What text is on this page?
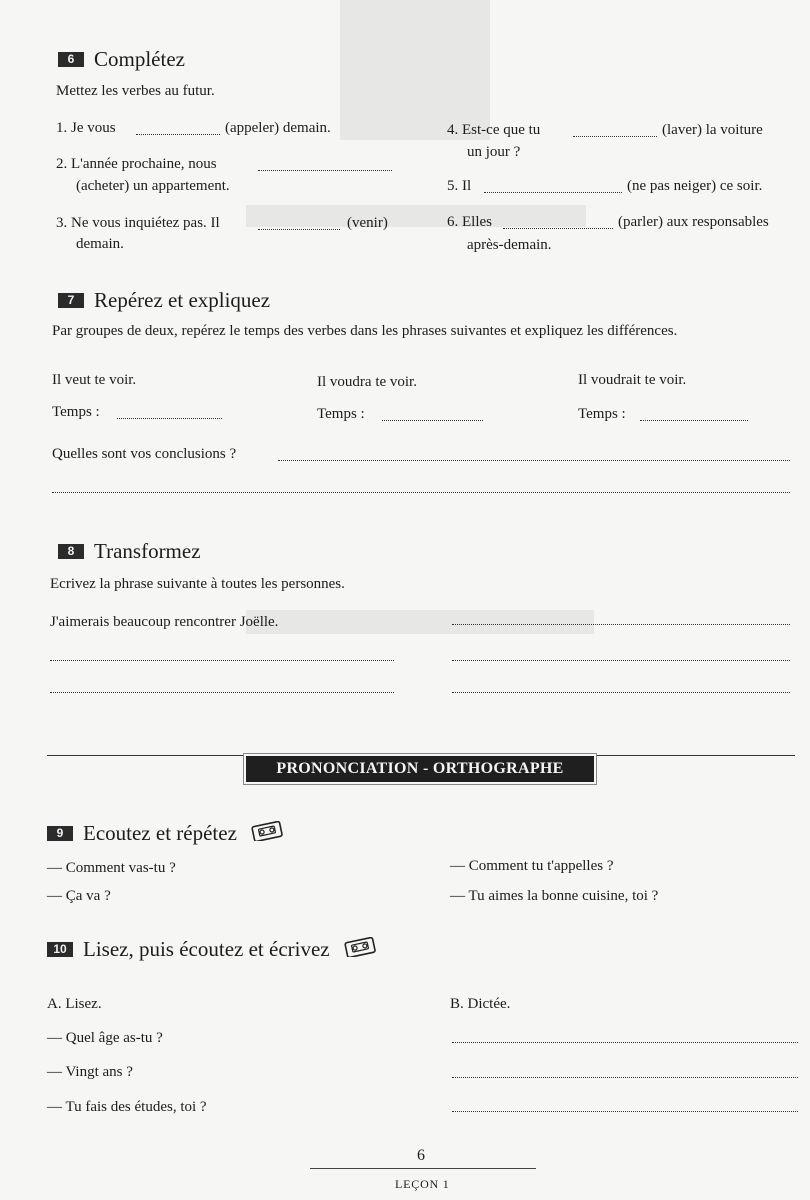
6 Complétez
Mettez les verbes au futur.
1. Je vous	(appeler) demain.
2. L'année prochaine, nous
(acheter) un appartement.
3. Ne vous inquiétez pas. Il	(venir)
demain.
4. Est-ce que tu	(laver) la voiture
un jour ?
5. Il	(ne pas neiger) ce soir.
6. Elles	(parler) aux responsables
après-demain.
7 Repérez et expliquez
Par groupes de deux, repérez le temps des verbes dans les phrases suivantes et expliquez les différences.
Il veut te voir.	Il voudra te voir.	Il voudrait te voir.
Temps :	Temps :	Temps :
Quelles sont vos conclusions ?
8 Transformez
Ecrivez la phrase suivante à toutes les personnes.
J'aimerais beaucoup rencontrer Joëlle.
PRONONCIATION - ORTHOGRAPHE
9 Ecoutez et répétez
— Comment vas-tu ?
— Ça va ?
— Comment tu t'appelles ?
— Tu aimes la bonne cuisine, toi ?
10 Lisez, puis écoutez et écrivez
A. Lisez.
— Quel âge as-tu ?
— Vingt ans ?
— Tu fais des études, toi ?
B. Dictée.
6
LEÇON 1
